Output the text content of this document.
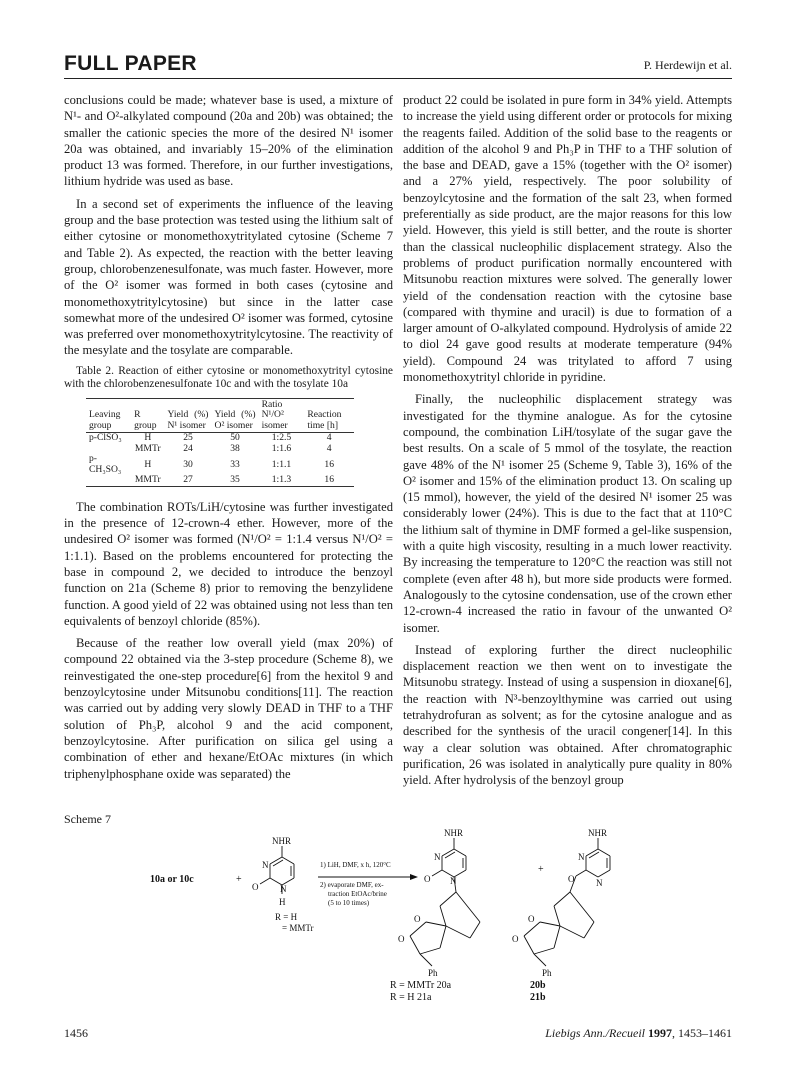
FULL PAPER	P. Herdewijn et al.

conclusions could be made; whatever base is used, a mixture of N¹- and O²-alkylated compound (20a and 20b) was obtained; the smaller the cationic species the more of the desired N¹ isomer 20a was obtained, and invariably 15–20% of the elimination product 13 was formed. Therefore, in our further investigations, lithium hydride was used as base.

In a second set of experiments the influence of the leaving group and the base protection was tested using the lithium salt of either cytosine or monomethoxytritylated cytosine (Scheme 7 and Table 2). As expected, the reaction with the better leaving group, chlorobenzenesulfonate, was much faster. However, more of the O² isomer was formed in both cases (cytosine and monomethoxytritylcytosine) but since in the latter case somewhat more of the undesired O² isomer was formed, cytosine was preferred over monomethoxytritylcytosine. The reactivity of the mesylate and the tosylate are comparable.

Table 2. Reaction of either cytosine or monomethoxytrityl cytosine with the chlorobenzenesulfonate 10c and with the tosylate 10a

Leaving group	R group	Yield (%) N¹ isomer	Yield (%) O² isomer	Ratio N¹/O² isomer	Reaction time [h]
p-ClSO₃	H	25	50	1:2.5	4
	MMTr	24	38	1:1.6	4
p-CH₃SO₃	H	30	33	1:1.1	16
	MMTr	27	35	1:1.3	16

The combination ROTs/LiH/cytosine was further investigated in the presence of 12-crown-4 ether. However, more of the undesired O² isomer was formed (N¹/O² = 1:1.4 versus N¹/O² = 1:1.1). Based on the problems encountered for protecting the base in compound 2, we decided to introduce the benzoyl function on 21a (Scheme 8) prior to removing the benzylidene function. A good yield of 22 was obtained using not less than ten equivalents of benzoyl chloride (85%).

Because of the reather low overall yield (max 20%) of compound 22 obtained via the 3-step procedure (Scheme 8), we reinvestigated the one-step procedure[6] from the hexitol 9 and benzoylcytosine under Mitsunobu conditions[11]. The reaction was carried out by adding very slowly DEAD in THF to a THF solution of Ph₃P, alcohol 9 and the acid component, benzoylcytosine. After purification on silica gel using a combination of ether and hexane/EtOAc mixtures (in which triphenylphosphane oxide was separated) the

product 22 could be isolated in pure form in 34% yield. Attempts to increase the yield using different order or protocols for mixing the reagents failed. Addition of the solid base to the reagents or addition of the alcohol 9 and Ph₃P in THF to a THF solution of the base and DEAD, gave a 15% (together with the O² isomer) and a 27% yield, respectively. The poor solubility of benzoylcytosine and the formation of the salt 23, when formed preferentially as side product, are the major reasons for this low yield. However, this yield is still better, and the route is shorter than the classical nucleophilic displacement strategy. Also the problems of product purification normally encountered with Mitsunobu reaction mixtures were solved. The generally lower yield of the condensation reaction with the cytosine base (compared with thymine and uracil) is due to formation of a larger amount of O-alkylated compound. Hydrolysis of amide 22 to diol 24 gave good results at moderate temperature (94% yield). Compound 24 was tritylated to afford 7 using monomethoxytrityl chloride in pyridine.

Finally, the nucleophilic displacement strategy was investigated for the thymine analogue. As for the cytosine compound, the combination LiH/tosylate of the sugar gave the best results. On a scale of 5 mmol of the tosylate, the reaction gave 48% of the N¹ isomer 25 (Scheme 9, Table 3), 16% of the O² isomer and 15% of the elimination product 13. On scaling up (15 mmol), however, the yield of the desired N¹ isomer 25 was considerably lower (24%). This is due to the fact that at 110°C the lithium salt of thymine in DMF formed a gel-like suspension, with a quite high viscosity, resulting in a much lower reactivity. By increasing the temperature to 120°C the reaction was still not complete (even after 48 h), but more side products were formed. Analogously to the cytosine condensation, use of the crown ether 12-crown-4 increased the ratio in favour of the unwanted O² isomer.

Instead of exploring further the direct nucleophilic displacement reaction we then went on to investigate the Mitsunobu strategy. Instead of using a suspension in dioxane[6], the reaction with N³-benzoylthymine was carried out using tetrahydrofuran as solvent; as for the cytosine analogue and as described for the synthesis of the uracil congener[14]. In this way a clear solution was obtained. After chromatographic purification, 26 was isolated in analytically pure quality in 80% yield. After hydrolysis of the benzoyl group

Scheme 7
10a or 10c	+
NHR
N
O N
H
R = H
= MMTr
1) LiH, DMF, x h, 120°C
2) evaporate DMF, ex-
traction EtOAc/brine
(5 to 10 times)
NHR
N
O N
O
O
Ph
+
NHR
N
N
O
O
O
Ph
R = MMTr 20a
R = H 21a
20b
21b
1456	Liebigs Ann./Recueil 1997, 1453–1461
